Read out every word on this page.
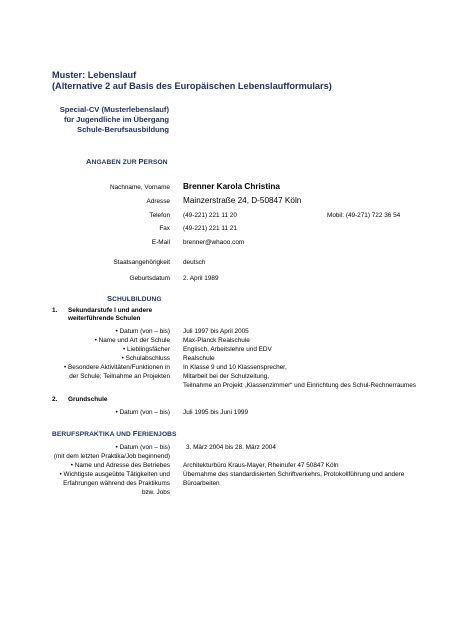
Muster: Lebenslauf
(Alternative 2 auf Basis des Europäischen Lebenslaufformulars)
Special-CV (Musterlebenslauf)
für Jugendliche im Übergang
Schule-Berufsausbildung
ANGABEN ZUR PERSON
Nachname, Vorname Brenner Karola Christina
Adresse Mainzerstraße 24, D-50847 Köln
Telefon (49-221) 221 11 20	Mobil: (49-271) 722 36 54
Fax (49-221) 221 11 21
E-Mail brenner@whaoo.com
Staatsangehörigkeit deutsch
Geburtsdatum 2. April 1989
SCHULBILDUNG
1. Sekundarstufe I und andere
weiterführende Schulen
• Datum (von – bis) Juli 1997 bis April 2005
• Name und Art der Schule Max-Planck Realschule
• Lieblingsfächer Englisch, Arbeitslehre und EDV
• Schulabschluss Realschule
• Besondere Aktivitäten/Funktionen in In Klasse 9 und 10 Klassensprecher,
der Schule; Teilnahme an Projekten Mitarbeit bei der Schulzeitung,
Teilnahme an Projekt „Klassenzimmer“ und Einrichtung des Schul-Rechnerraumes
2. Grundschule
• Datum (von – bis) Juli 1995 bis Juni 1999
BERUFSPRAKTIKA UND FERIENJOBS
• Datum (von – bis)	3. März 2004 bis 28. März 2004
(mit dem letzten Praktika/Job beginnend)
• Name und Adresse des Betriebes Architekturbüro Kraus-Mayer, Rheinufer 47 50847 Köln
• Wichtigste ausgeübte Tätigkeiten und Übernahme des standardisierten Schriftverkehrs, Protokollführung und andere
Erfahrungen während des Praktikums Büroarbeiten
bzw. Jobs
